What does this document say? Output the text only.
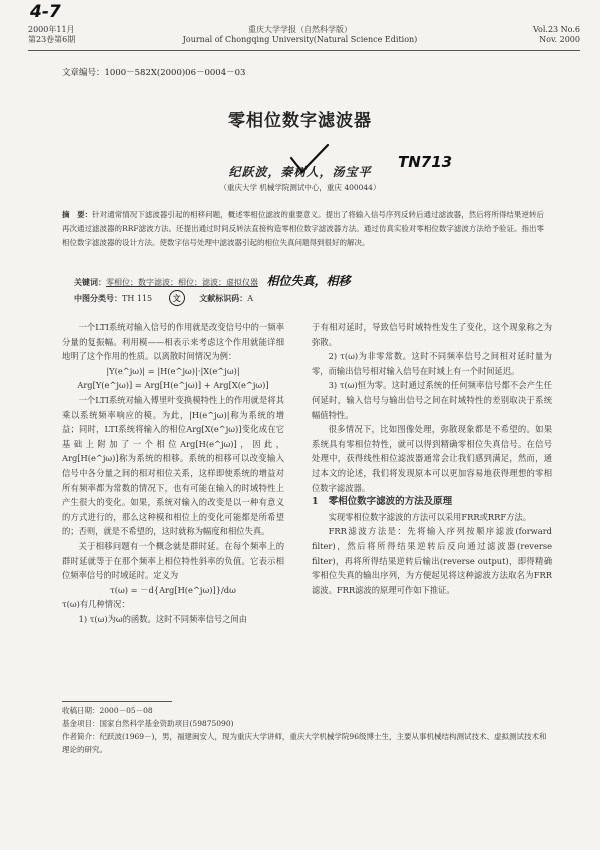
4-7
2000年11月
第23卷第6期
重庆大学学报（自然科学版）
Journal of Chongqing University(Natural Science Edition)
Vol.23 No.6
Nov. 2000
文章编号：1000－582X(2000)06－0004－03
零相位数字滤波器
纪跃波，秦树人，汤宝平
TN713
（重庆大学 机械学院测试中心，重庆 400044）
摘　要：针对通常情况下滤波器引起的相移问题，概述零相位滤波的重要意义。提出了将输入信号序列反转后通过滤波器，然后将所得结果逆转后再次通过滤波器的RRF滤波方法。还提出通过时间反转法直接构造零相位数字滤波器方法。通过仿真实验对零相位数字滤波方法给予验证。指出零相位数字滤波器的设计方法。使数字信号处理中滤波器引起的相位失真问题得到很好的解决。
关键词：零相位；数字滤波；相位；滤波；虚拟仪器 相位失真，相移
中图分类号：TH 115	文 文献标识码：A

一个LTI系统对输入信号的作用就是改变信号中的一频率分量的复振幅。利用模——相表示来考虑这个作用就能详细地明了这个作用的性质。以离散时间情况为例：

|Y(e^jω)| = |H(e^jω)|·|X(e^jω)|

Arg[Y(e^jω)] = Arg[H(e^jω)] + Arg[X(e^jω)]

一个LTI系统对输入傅里叶变换模特性上的作用就是将其乘以系统频率响应的模。为此，|H(e^jω)|称为系统的增益；同时，LTI系统将输入的相位Arg[X(e^jω)]变化成在它基础上附加了一个相位Arg[H(e^jω)]，因此，Arg[H(e^jω)]称为系统的相移。系统的相移可以改变输入信号中各分量之间的相对相位关系，这样即使系统的增益对所有频率都为常数的情况下，也有可能在输入的时域特性上产生很大的变化。如果，系统对输入的改变是以一种有意义的方式进行的，那么这种模和相位上的变化可能都是所希望的；否则，就是不希望的，这时就称为幅度和相位失真。

关于相移问题有一个概念就是群时延。在每个频率上的群时延就等于在那个频率上相位特性斜率的负值。它表示相位频率信号的时域延时。定义为

τ(ω) = －d{Arg[H(e^jω)]}/dω

τ(ω)有几种情况：

1) τ(ω)为ω的函数。这时不同频率信号之间由

于有相对延时，导致信号时域特性发生了变化，这个现象称之为弥散。

2) τ(ω)为非零常数。这时不同频率信号之间相对延时量为零，而输出信号相对输入信号在时域上有一个时间延迟。

3) τ(ω)恒为零。这时通过系统的任何频率信号都不会产生任何延时，输入信号与输出信号之间在时域特性的差别取决于系统幅值特性。

很多情况下，比如图像处理，弥散现象都是不希望的。如果系统具有零相位特性，就可以得到精确零相位失真信号。在信号处理中，获得线性相位滤波器通常会让我们感到满足，然而，通过本文的论述，我们将发现原本可以更加容易地获得理想的零相位数字滤波器。

1 零相位数字滤波的方法及原理

实现零相位数字滤波的方法可以采用FRR或RRF方法。

FRR滤波方法是：先将输入序列按顺序滤波(forward filter)，然后将所得结果逆转后反向通过滤波器(reverse filter)，再将所得结果逆转后输出(reverse output)，即得精确零相位失真的输出序列，为方便起见将这种滤波方法取名为FRR滤波。FRR滤波的原理可作如下推证。

收稿日期：2000－05－08
基金项目：国家自然科学基金资助项目(59875090)
作者简介：纪跃波(1969－)，男，福建闽安人，现为重庆大学讲师，重庆大学机械学院96级博士生，主要从事机械结构测试技术、虚拟测试技术和理论的研究。
